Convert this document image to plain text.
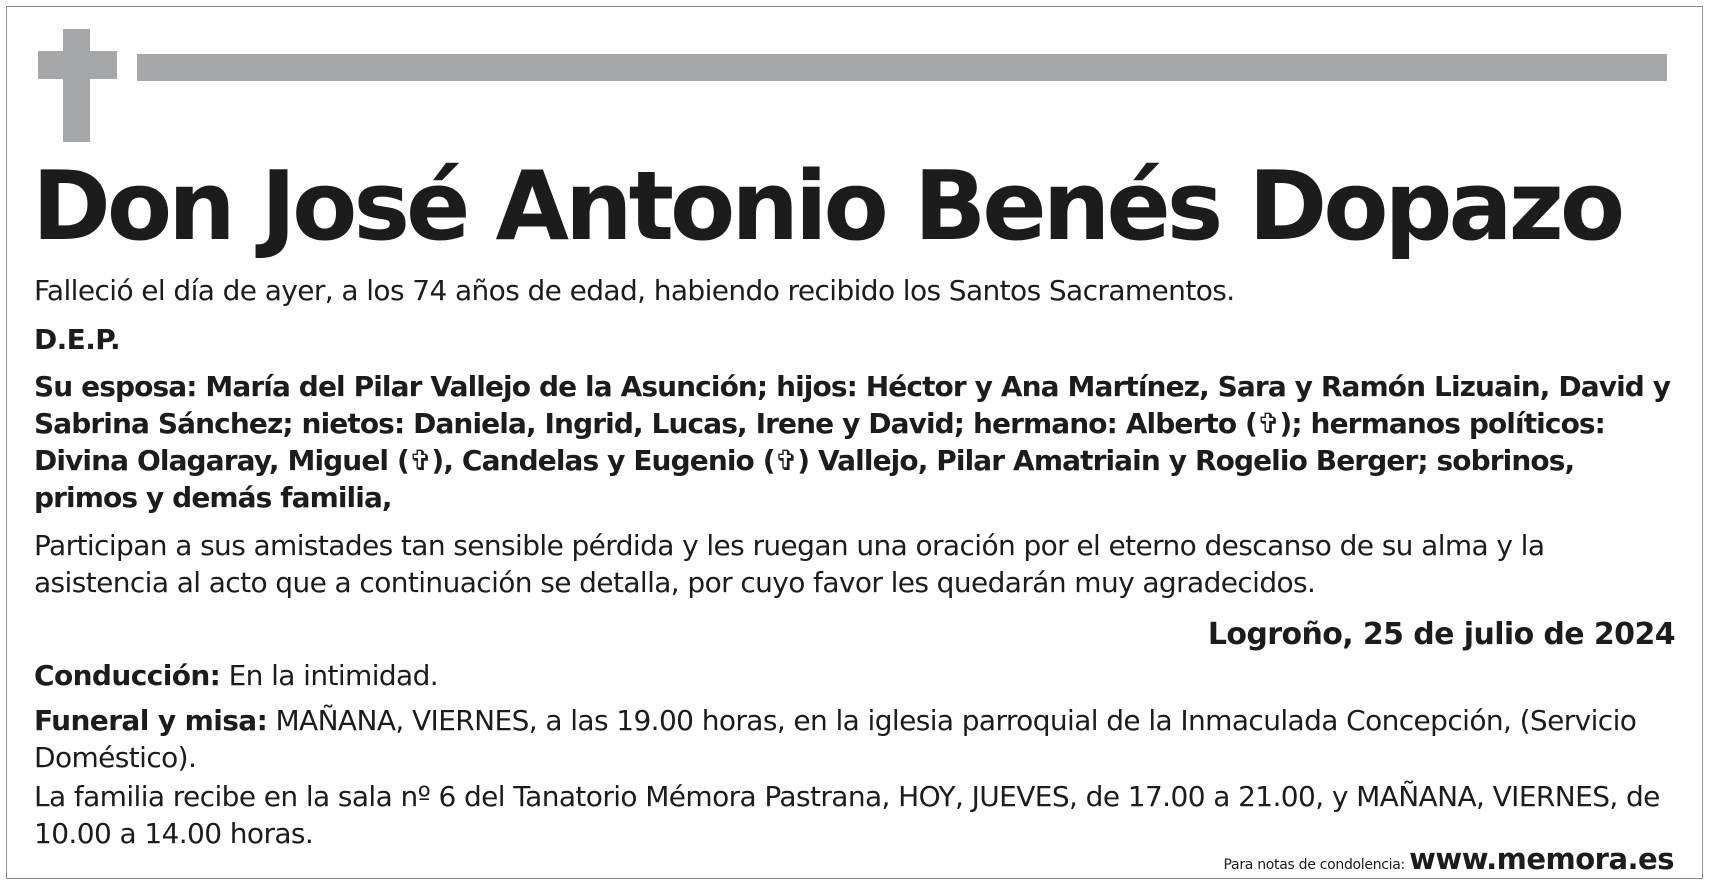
Don José Antonio Benés Dopazo

Falleció el día de ayer, a los 74 años de edad, habiendo recibido los Santos Sacramentos.

D.E.P.

Su esposa: María del Pilar Vallejo de la Asunción; hijos: Héctor y Ana Martínez, Sara y Ramón Lizuain, David y Sabrina Sánchez; nietos: Daniela, Ingrid, Lucas, Irene y David; hermano: Alberto (✞); hermanos políticos: Divina Olagaray, Miguel (✞), Candelas y Eugenio (✞) Vallejo, Pilar Amatriain y Rogelio Berger; sobrinos, primos y demás familia,

Participan a sus amistades tan sensible pérdida y les ruegan una oración por el eterno descanso de su alma y la asistencia al acto que a continuación se detalla, por cuyo favor les quedarán muy agradecidos.

Logroño, 25 de julio de 2024

Conducción: En la intimidad.

Funeral y misa: MAÑANA, VIERNES, a las 19.00 horas, en la iglesia parroquial de la Inmaculada Concepción, (Servicio Doméstico).

La familia recibe en la sala nº 6 del Tanatorio Mémora Pastrana, HOY, JUEVES, de 17.00 a 21.00, y MAÑANA, VIERNES, de 10.00 a 14.00 horas.

Para notas de condolencia: www.memora.es
